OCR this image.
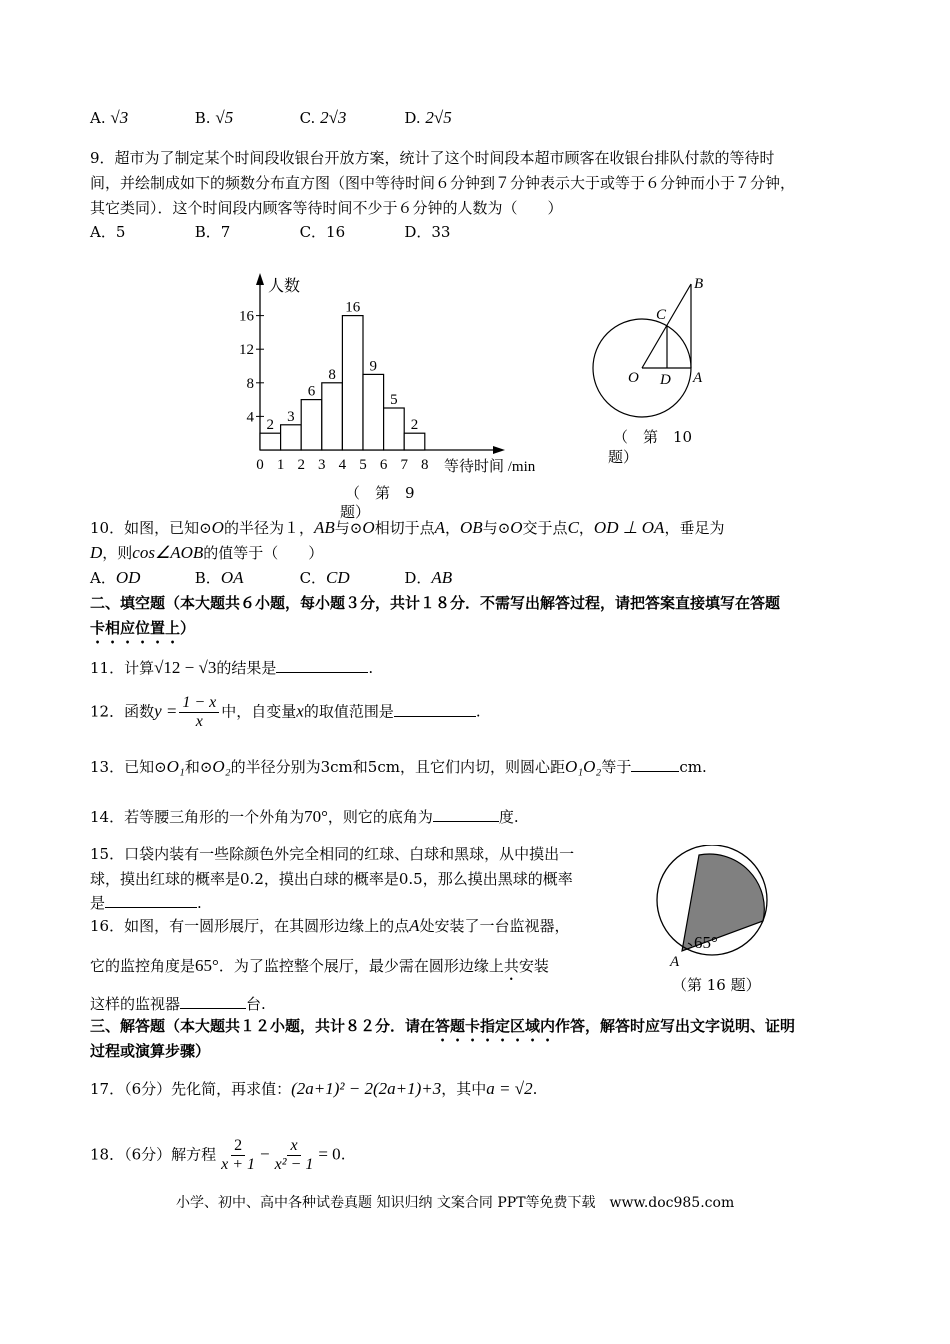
A. √3	B. √5	C. 2√3	D. 2√5
9．超市为了制定某个时间段收银台开放方案，统计了这个时间段本超市顾客在收银台排队付款的等待时
间，并绘制成如下的频数分布直方图（图中等待时间６分钟到７分钟表示大于或等于６分钟而小于７分钟，
其它类同）．这个时间段内顾客等待时间不少于６分钟的人数为（　　）
A．5	B．7	C．16	D．33
2
3
6
8
16
9
5
2
0 1 2 3 4 5 6 7 8
4
8
12
16
人数
等待时间 /min
（　第　9
题）
B
C
O D A
（　第　10
题）
10．如图，已知⊙O的半径为１，AB与⊙O相切于点A，OB与⊙O交于点C，OD ⊥ OA，垂足为
D，则cos∠AOB的值等于（　　）
A．OD	B．OA	C．CD	D．AB
二、填空题（本大题共６小题，每小题３分，共计１８分．不需写出解答过程，请把答案直接填写在答题
卡相应位置上）
11．计算√12 − √3的结果是	.
12．函数$y = \frac{1 - x}{x}$ 中，自变量x的取值范围是	.
13．已知⊙O₁和⊙O₂的半径分别为3cm和5cm，且它们内切，则圆心距O₁O₂等于	cm.
14．若等腰三角形的一个外角为70°，则它的底角为	度.
15．口袋内装有一些除颜色外完全相同的红球、白球和黑球，从中摸出一
球，摸出红球的概率是0.2，摸出白球的概率是0.5，那么摸出黑球的概率
是	.
16．如图，有一圆形展厅，在其圆形边缘上的点A处安装了一台监视器，
它的监控角度是65°．为了监控整个展厅，最少需在圆形边缘上共安装
这样的监视器	台.
65°
A
（第 16 题）
三、解答题（本大题共１２小题，共计８２分．请在答题卡指定区域内作答，解答时应写出文字说明、证明
过程或演算步骤）
17．（6分）先化简，再求值：(2a+1)² − 2(2a+1)+3，其中a = √2.
18．（6分）解方程 $\frac{2}{x + 1} - \frac{x}{\text{x² − 1}} = 0$.
小学、初中、高中各种试卷真题 知识归纳 文案合同 PPT等免费下载　www.doc985.com
